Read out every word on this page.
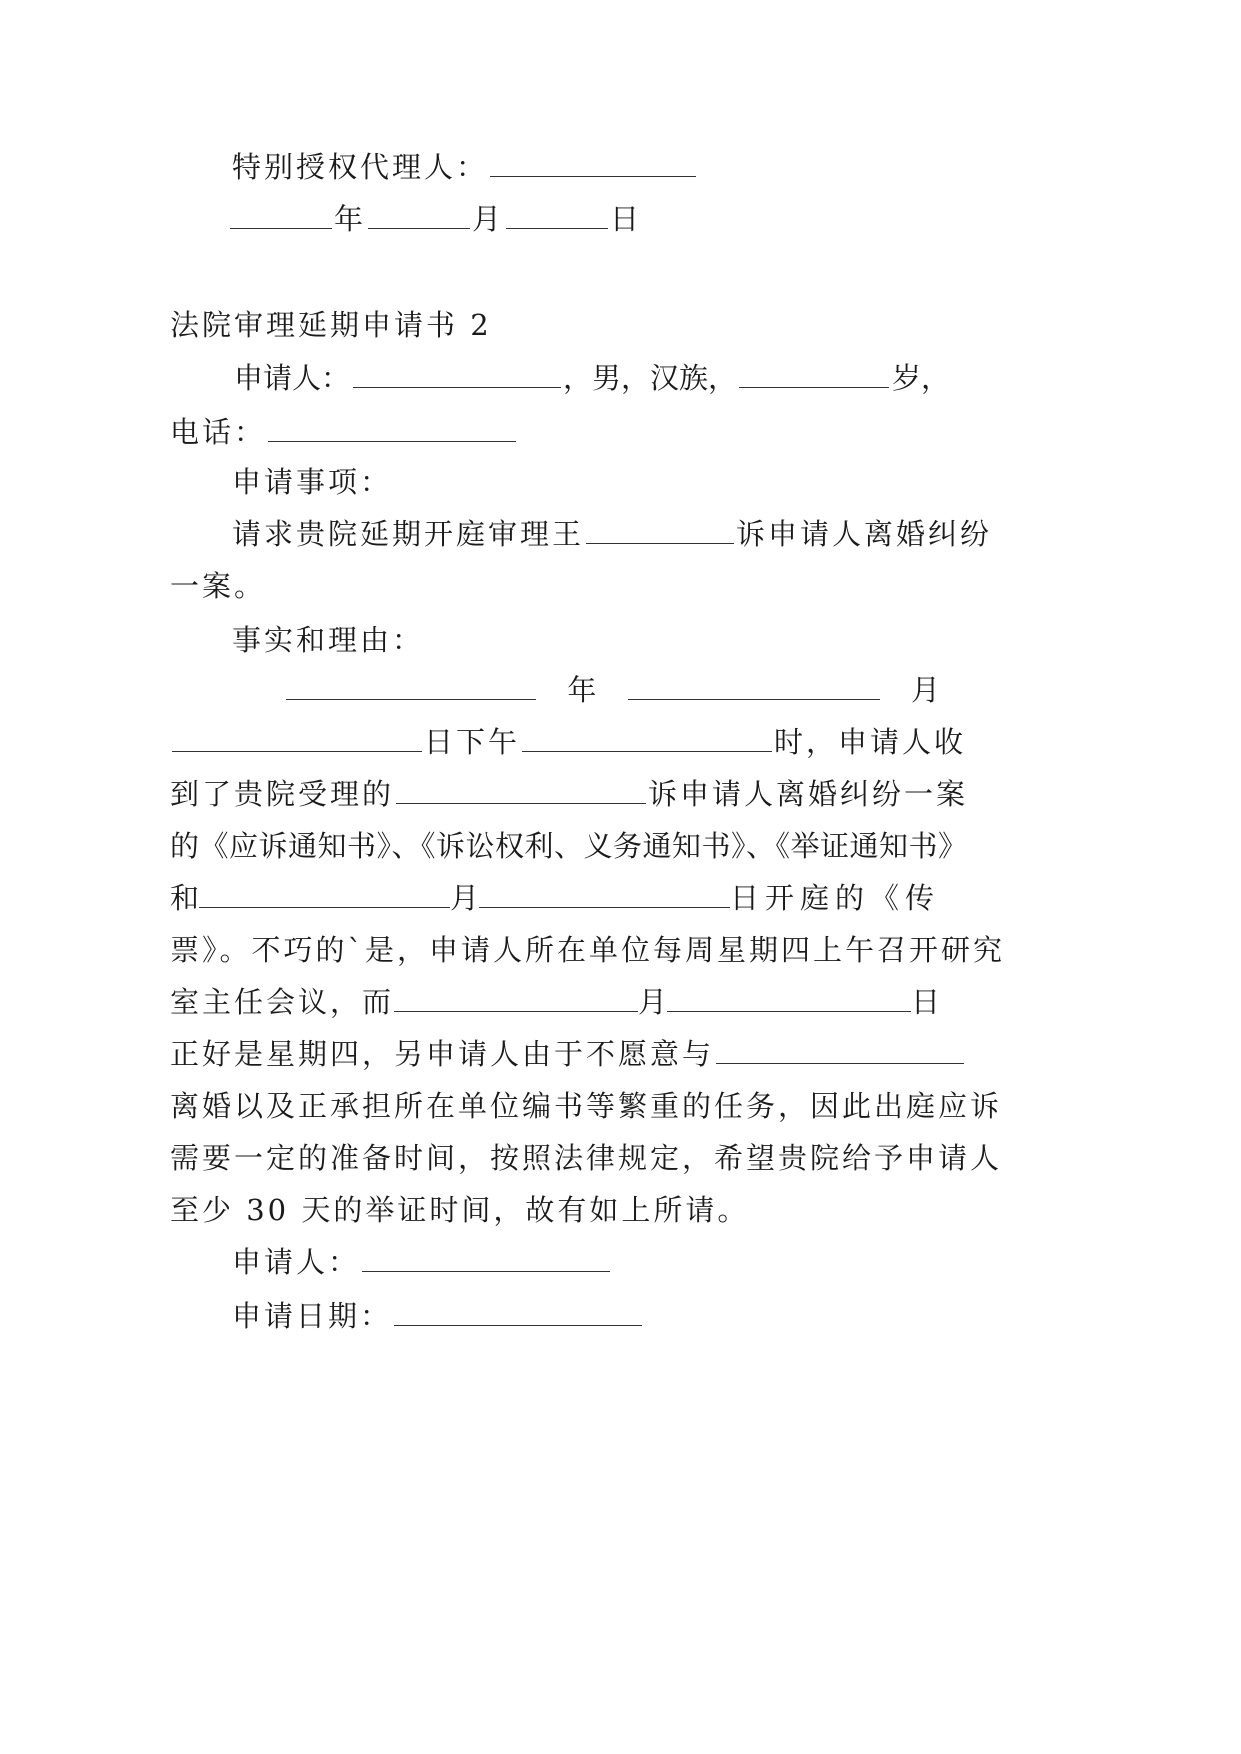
特别授权代理人：
年	月	日
法院审理延期申请书 2
申请人：	，男，汉族，	岁，
电话：
申请事项：
请求贵院延期开庭审理王	诉申请人离婚纠纷
一案。
事实和理由：
年	月
日下午	时，申请人收
到了贵院受理的	诉申请人离婚纠纷一案
的《应诉通知书》、《诉讼权利、义务通知书》、《举证通知书》
和	月	日开庭的《传
票》。不巧的`是，申请人所在单位每周星期四上午召开研究
室主任会议，而	月	日
正好是星期四，另申请人由于不愿意与
离婚以及正承担所在单位编书等繁重的任务，因此出庭应诉
需要一定的准备时间，按照法律规定，希望贵院给予申请人
至少 30 天的举证时间，故有如上所请。
申请人：
申请日期：
